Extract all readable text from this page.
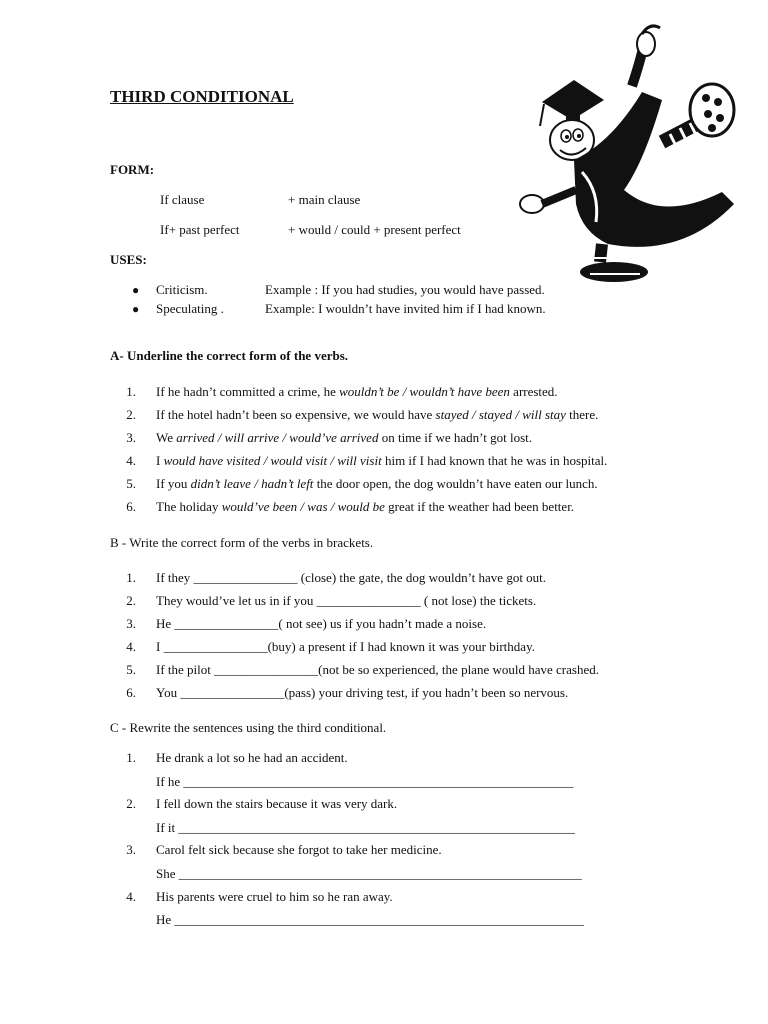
THIRD CONDITIONAL
FORM:
If clause	+ main clause
If+ past perfect	+ would / could + present perfect
USES:
● Criticism.	Example : If you had studies, you would have passed.
● Speculating .	Example: I wouldn’t have invited him if I had known.
A- Underline the correct form of the verbs.
1. If he hadn’t committed a crime, he wouldn’t be / wouldn’t have been arrested.
2. If the hotel hadn’t been so expensive, we would have stayed / stayed / will stay there.
3. We arrived / will arrive / would’ve arrived on time if we hadn’t got lost.
4. I would have visited / would visit / will visit him if I had known that he was in hospital.
5. If you didn’t leave / hadn’t left the door open, the dog wouldn’t have eaten our lunch.
6. The holiday would’ve been / was / would be great if the weather had been better.
B - Write the correct form of the verbs in brackets.
1. If they ________________ (close) the gate, the dog wouldn’t have got out.
2. They would’ve let us in if you ________________ ( not lose) the tickets.
3. He ________________( not see) us if you hadn’t made a noise.
4. I ________________(buy) a present if I had known it was your birthday.
5. If the pilot ________________(not be so experienced, the plane would have crashed.
6. You ________________(pass) your driving test, if you hadn’t been so nervous.
C - Rewrite the sentences using the third conditional.
1. He drank a lot so he had an accident.
If he ____________________________________________________________
2. I fell down the stairs because it was very dark.
If it _____________________________________________________________
3. Carol felt sick because she forgot to take her medicine.
She ______________________________________________________________
4. His parents were cruel to him so he ran away.
He _______________________________________________________________
